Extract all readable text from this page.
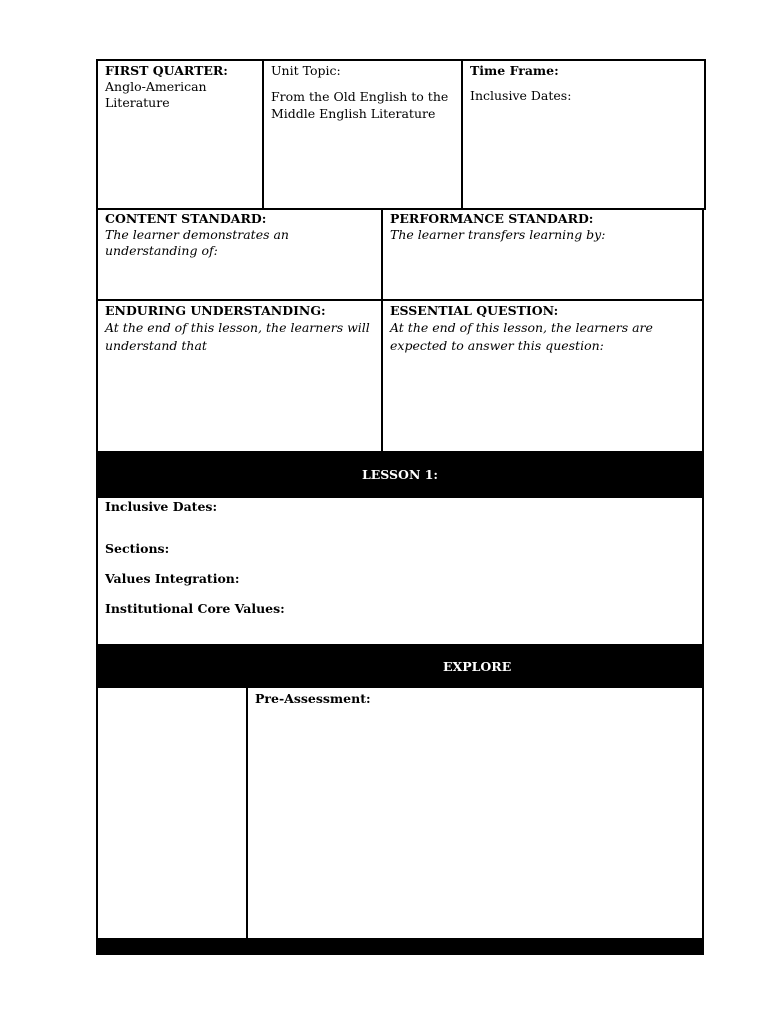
FIRST QUARTER:
Anglo-American Literature
Unit Topic:
From the Old English to the Middle English Literature
Time Frame:
Inclusive Dates:
CONTENT STANDARD:
The learner demonstrates an understanding of:
PERFORMANCE STANDARD:
The learner transfers learning by:
ENDURING UNDERSTANDING:
At the end of this lesson, the learners will understand that
ESSENTIAL QUESTION:
At the end of this lesson, the learners are expected to answer this question:
LESSON 1:
Inclusive Dates:
Sections:
Values Integration:
Institutional Core Values:
EXPLORE
Pre-Assessment:
